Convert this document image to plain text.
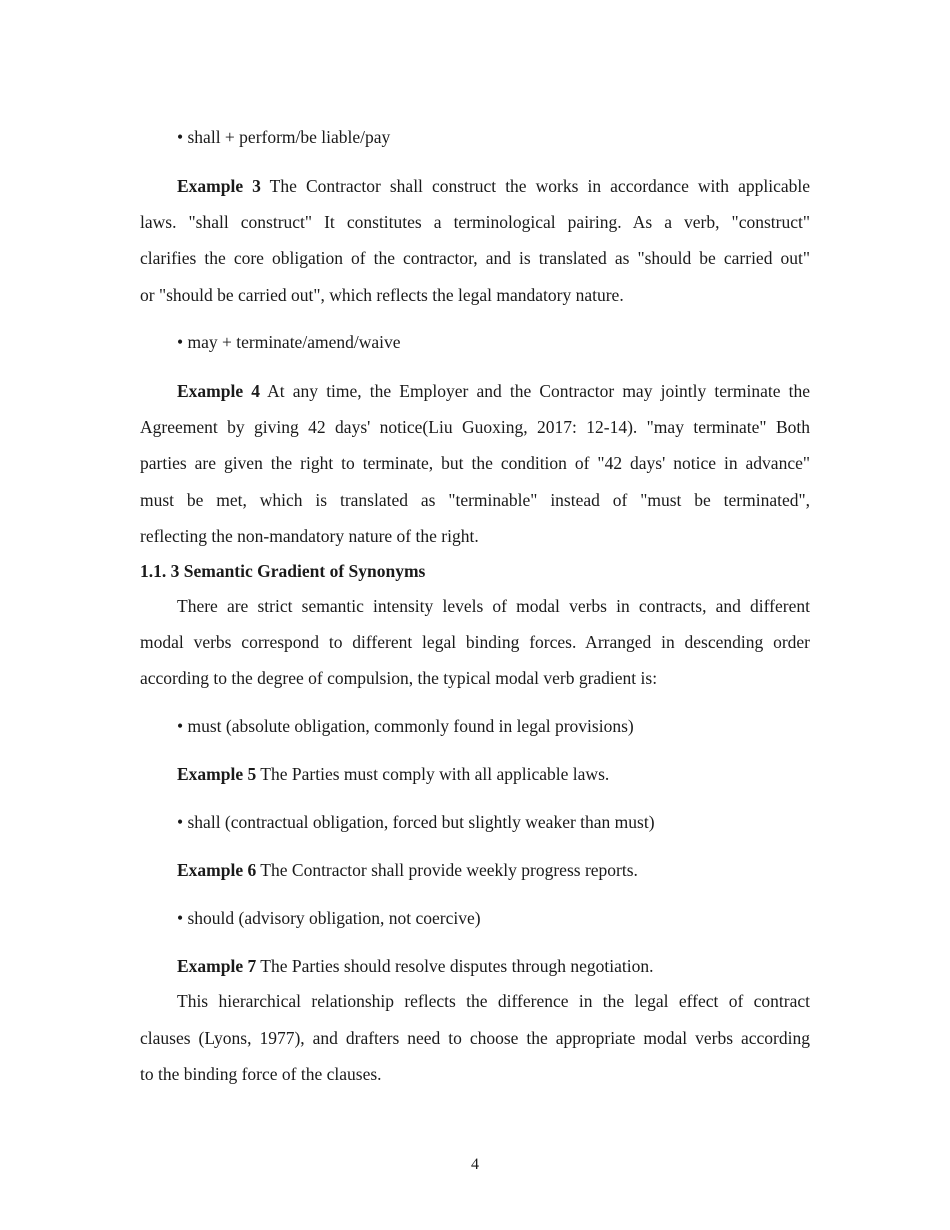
• shall + perform/be liable/pay
Example 3 The Contractor shall construct the works in accordance with applicable
laws. "shall construct" It constitutes a terminological pairing. As a verb, "construct"
clarifies the core obligation of the contractor, and is translated as "should be carried out"
or "should be carried out", which reflects the legal mandatory nature.
• may + terminate/amend/waive
Example 4 At any time, the Employer and the Contractor may jointly terminate the
Agreement by giving 42 days' notice(Liu Guoxing, 2017: 12-14). "may terminate" Both
parties are given the right to terminate, but the condition of "42 days' notice in advance"
must be met, which is translated as "terminable" instead of "must be terminated",
reflecting the non-mandatory nature of the right.
1.1. 3 Semantic Gradient of Synonyms
There are strict semantic intensity levels of modal verbs in contracts, and different
modal verbs correspond to different legal binding forces. Arranged in descending order
according to the degree of compulsion, the typical modal verb gradient is:
• must (absolute obligation, commonly found in legal provisions)
Example 5 The Parties must comply with all applicable laws.
• shall (contractual obligation, forced but slightly weaker than must)
Example 6 The Contractor shall provide weekly progress reports.
• should (advisory obligation, not coercive)
Example 7 The Parties should resolve disputes through negotiation.
This hierarchical relationship reflects the difference in the legal effect of contract
clauses (Lyons, 1977), and drafters need to choose the appropriate modal verbs according
to the binding force of the clauses.
4
